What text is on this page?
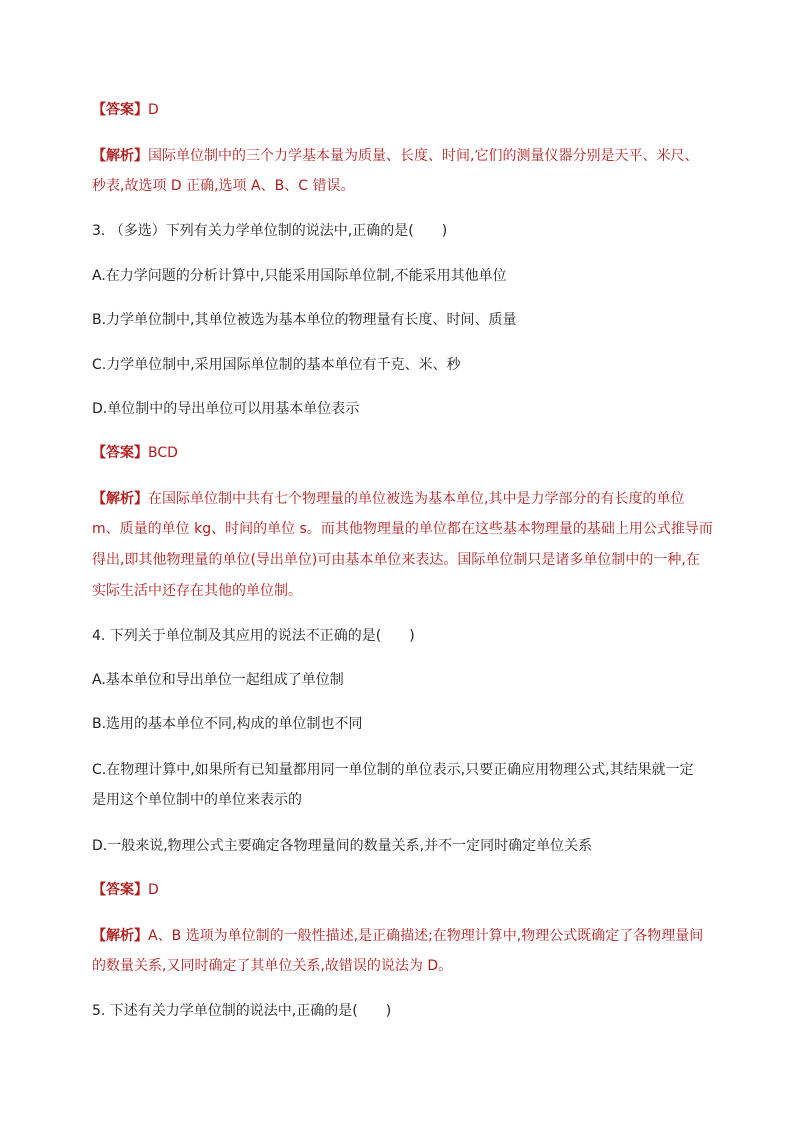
【答案】D
【解析】国际单位制中的三个力学基本量为质量、长度、时间,它们的测量仪器分别是天平、米尺、
秒表,故选项 D 正确,选项 A、B、C 错误。
3. （多选）下列有关力学单位制的说法中,正确的是(　　)
A.在力学问题的分析计算中,只能采用国际单位制,不能采用其他单位
B.力学单位制中,其单位被选为基本单位的物理量有长度、时间、质量
C.力学单位制中,采用国际单位制的基本单位有千克、米、秒
D.单位制中的导出单位可以用基本单位表示
【答案】BCD
【解析】在国际单位制中共有七个物理量的单位被选为基本单位,其中是力学部分的有长度的单位
m、质量的单位 kg、时间的单位 s。而其他物理量的单位都在这些基本物理量的基础上用公式推导而
得出,即其他物理量的单位(导出单位)可由基本单位来表达。国际单位制只是诸多单位制中的一种,在
实际生活中还存在其他的单位制。
4. 下列关于单位制及其应用的说法不正确的是(　　)
A.基本单位和导出单位一起组成了单位制
B.选用的基本单位不同,构成的单位制也不同
C.在物理计算中,如果所有已知量都用同一单位制的单位表示,只要正确应用物理公式,其结果就一定
是用这个单位制中的单位来表示的
D.一般来说,物理公式主要确定各物理量间的数量关系,并不一定同时确定单位关系
【答案】D
【解析】A、B 选项为单位制的一般性描述,是正确描述;在物理计算中,物理公式既确定了各物理量间
的数量关系,又同时确定了其单位关系,故错误的说法为 D。
5. 下述有关力学单位制的说法中,正确的是(　　)
